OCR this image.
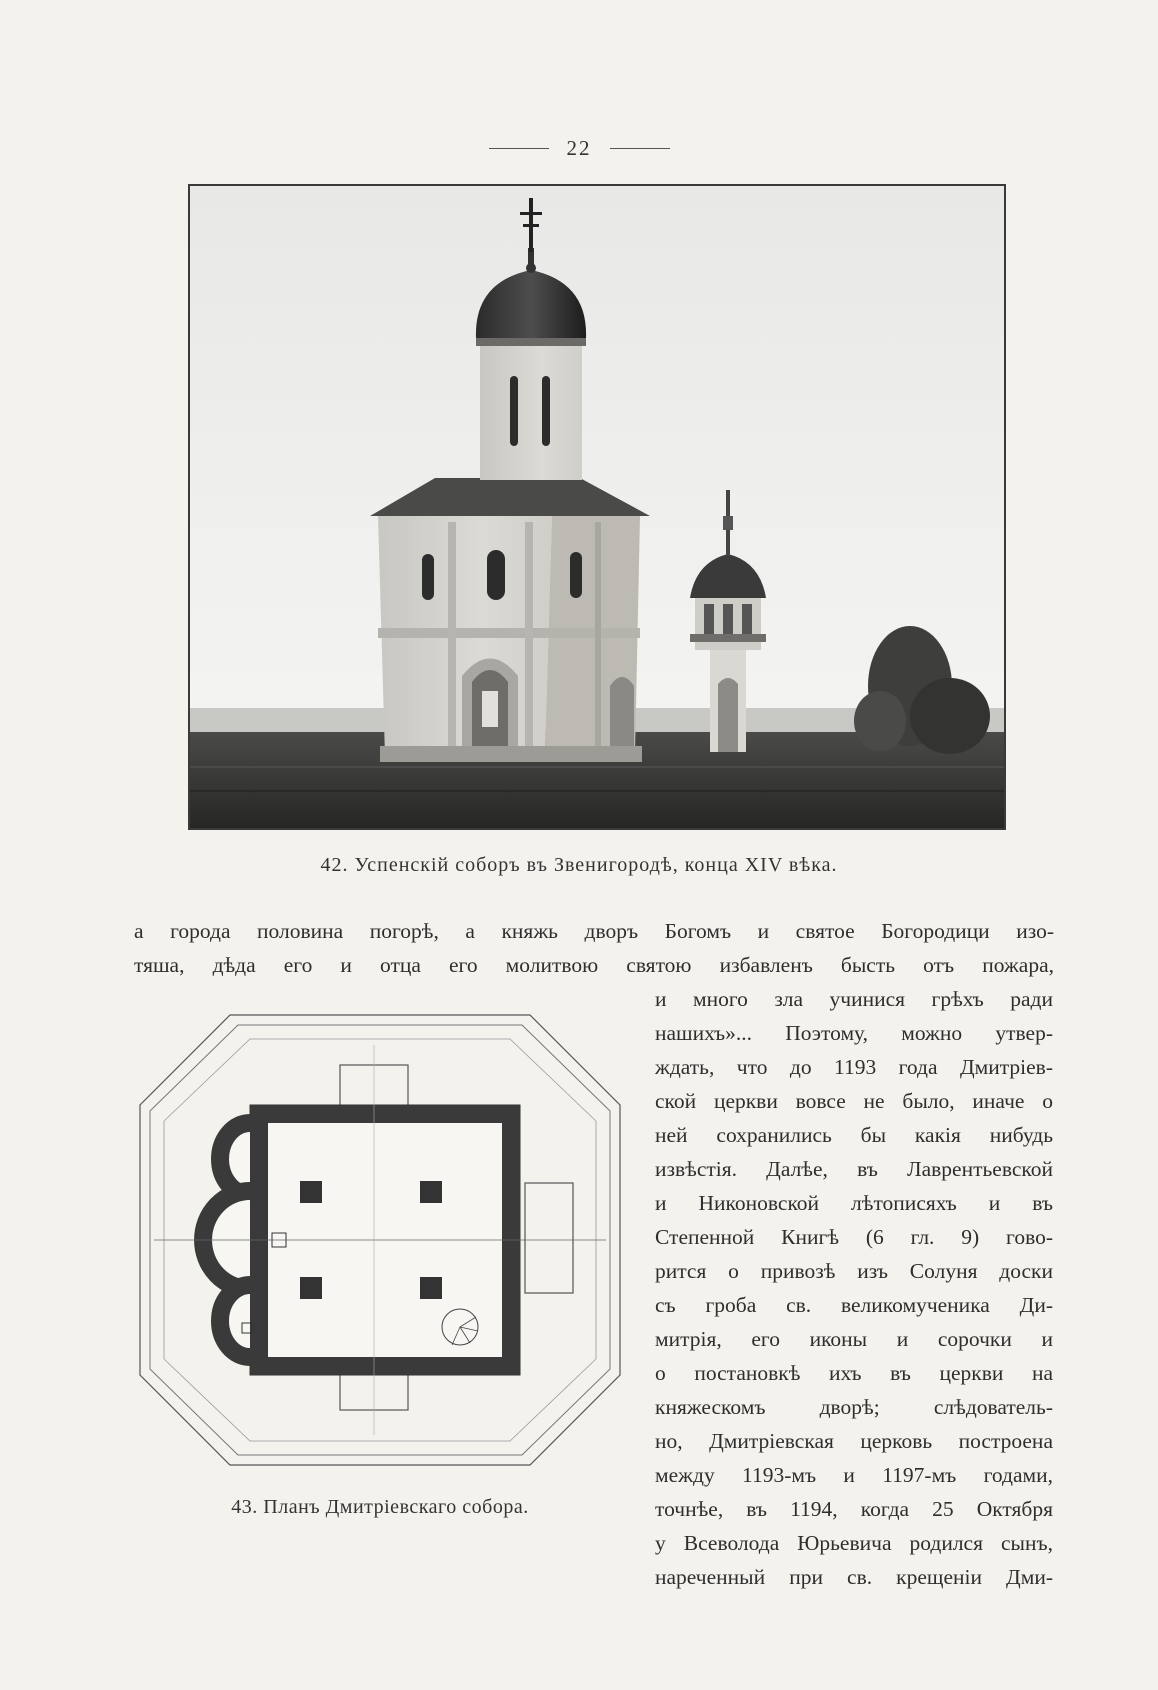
22
42. Успенскій соборъ въ Звенигородѣ, конца XIV вѣка.
а города половина погорѣ, а княжь дворъ Богомъ и святое Богородици изо-
тяша, дѣда его и отца его молитвою святою избавленъ бысть отъ пожара,
43. Планъ Дмитріевскаго собора.
и много зла учинися грѣхъ ради
нашихъ»... Поэтому, можно утвер-
ждать, что до 1193 года Дмитріев-
ской церкви вовсе не было, иначе о
ней сохранились бы какія нибудь
извѣстія. Далѣе, въ Лаврентьевской
и Никоновской лѣтописяхъ и въ
Степенной Книгѣ (6 гл. 9) гово-
рится о привозѣ изъ Солуня доски
съ гроба св. великомученика Ди-
митрія, его иконы и сорочки и
о постановкѣ ихъ въ церкви на
княжескомъ дворѣ; слѣдователь-
но, Дмитріевская церковь построена
между 1193-мъ и 1197-мъ годами,
точнѣе, въ 1194, когда 25 Октября
у Всеволода Юрьевича родился сынъ,
нареченный при св. крещеніи Дми-
